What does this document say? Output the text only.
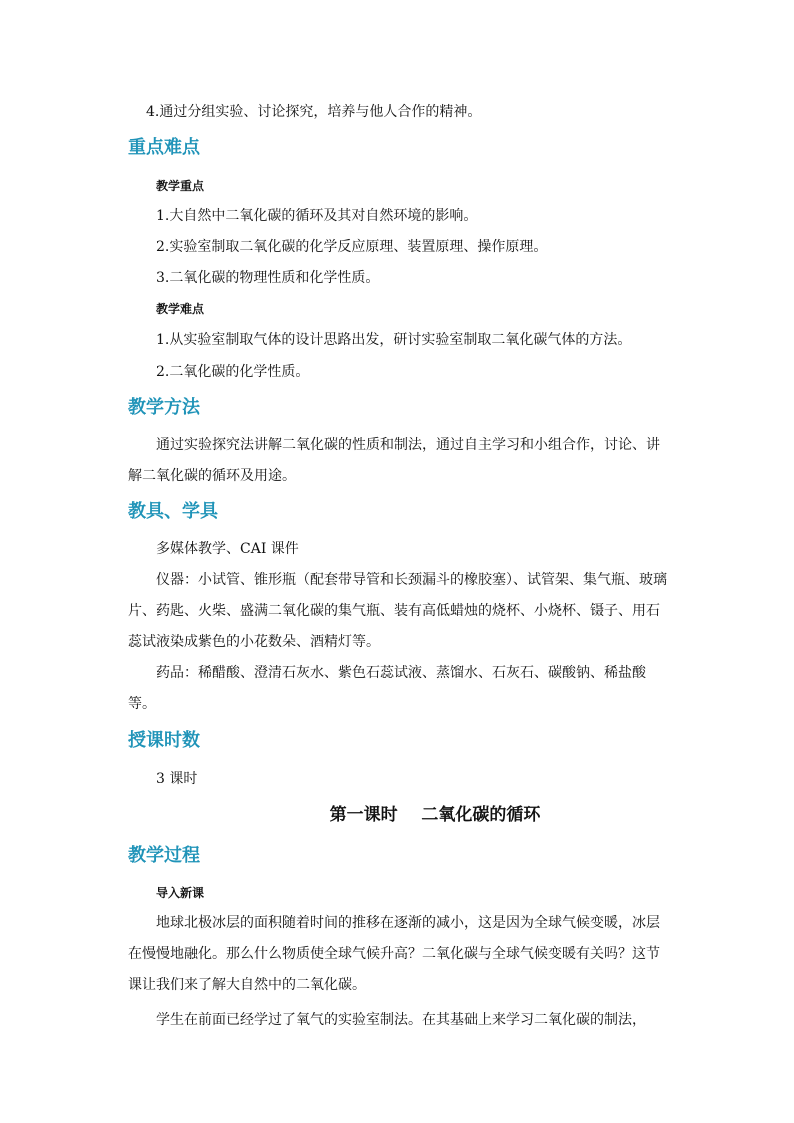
4.通过分组实验、讨论探究，培养与他人合作的精神。

重点难点
教学重点

1.大自然中二氧化碳的循环及其对自然环境的影响。

2.实验室制取二氧化碳的化学反应原理、装置原理、操作原理。

3.二氧化碳的物理性质和化学性质。

教学难点

1.从实验室制取气体的设计思路出发，研讨实验室制取二氧化碳气体的方法。

2.二氧化碳的化学性质。

教学方法

通过实验探究法讲解二氧化碳的性质和制法，通过自主学习和小组合作，讨论、讲解二氧化碳的循环及用途。

教具、学具

多媒体教学、CAI 课件

仪器：小试管、锥形瓶（配套带导管和长颈漏斗的橡胶塞）、试管架、集气瓶、玻璃片、药匙、火柴、盛满二氧化碳的集气瓶、装有高低蜡烛的烧杯、小烧杯、镊子、用石蕊试液染成紫色的小花数朵、酒精灯等。

药品：稀醋酸、澄清石灰水、紫色石蕊试液、蒸馏水、石灰石、碳酸钠、稀盐酸等。

授课时数

3 课时

第一课时 二氧化碳的循环
教学过程
导入新课

地球北极冰层的面积随着时间的推移在逐渐的减小，这是因为全球气候变暖，冰层在慢慢地融化。那么什么物质使全球气候升高？二氧化碳与全球气候变暖有关吗？这节课让我们来了解大自然中的二氧化碳。

学生在前面已经学过了氧气的实验室制法。在其基础上来学习二氧化碳的制法，
